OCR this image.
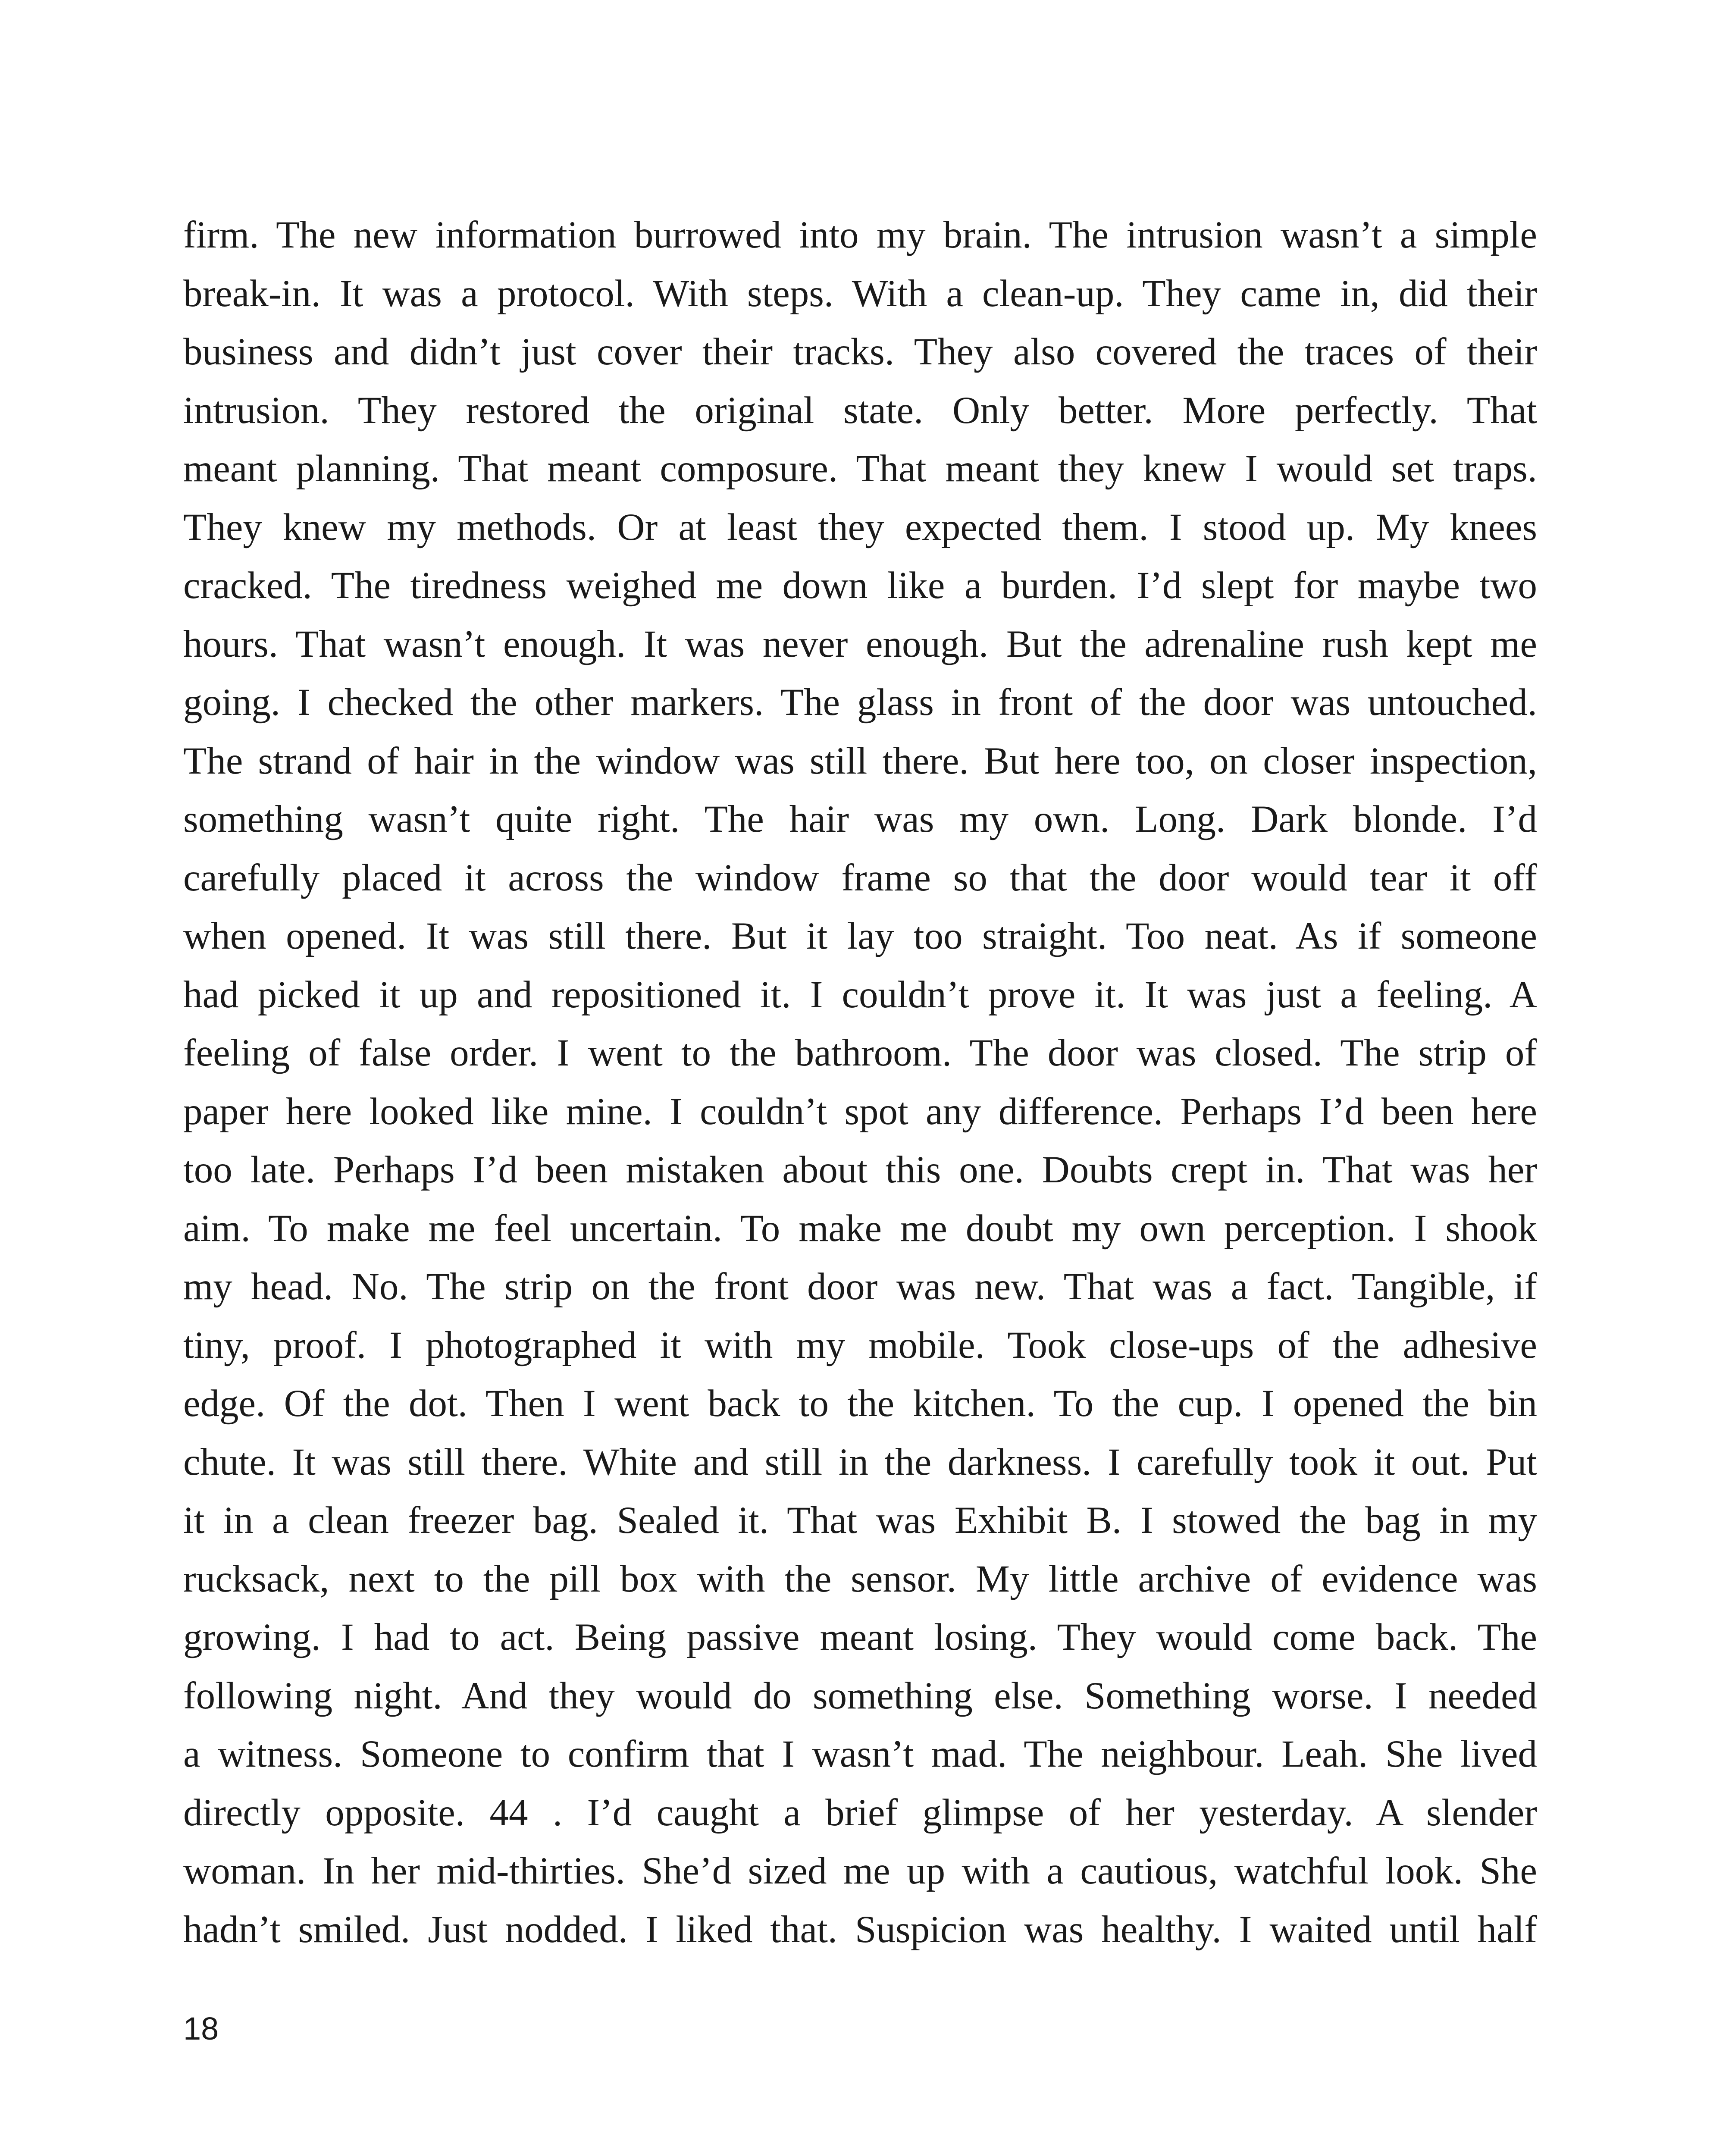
firm. The new information burrowed into my brain. The intrusion wasn’t a simple
break-in. It was a protocol. With steps. With a clean-up. They came in, did their
business and didn’t just cover their tracks. They also covered the traces of their
intrusion. They restored the original state. Only better. More perfectly. That
meant planning. That meant composure. That meant they knew I would set traps.
They knew my methods. Or at least they expected them. I stood up. My knees
cracked. The tiredness weighed me down like a burden. I’d slept for maybe two
hours. That wasn’t enough. It was never enough. But the adrenaline rush kept me
going. I checked the other markers. The glass in front of the door was untouched.
The strand of hair in the window was still there. But here too, on closer inspection,
something wasn’t quite right. The hair was my own. Long. Dark blonde. I’d
carefully placed it across the window frame so that the door would tear it off
when opened. It was still there. But it lay too straight. Too neat. As if someone
had picked it up and repositioned it. I couldn’t prove it. It was just a feeling. A
feeling of false order. I went to the bathroom. The door was closed. The strip of
paper here looked like mine. I couldn’t spot any difference. Perhaps I’d been here
too late. Perhaps I’d been mistaken about this one. Doubts crept in. That was her
aim. To make me feel uncertain. To make me doubt my own perception. I shook
my head. No. The strip on the front door was new. That was a fact. Tangible, if
tiny, proof. I photographed it with my mobile. Took close-ups of the adhesive
edge. Of the dot. Then I went back to the kitchen. To the cup. I opened the bin
chute. It was still there. White and still in the darkness. I carefully took it out. Put
it in a clean freezer bag. Sealed it. That was Exhibit B. I stowed the bag in my
rucksack, next to the pill box with the sensor. My little archive of evidence was
growing. I had to act. Being passive meant losing. They would come back. The
following night. And they would do something else. Something worse. I needed
a witness. Someone to confirm that I wasn’t mad. The neighbour. Leah. She lived
directly opposite. 44 . I’d caught a brief glimpse of her yesterday. A slender
woman. In her mid-thirties. She’d sized me up with a cautious, watchful look. She
hadn’t smiled. Just nodded. I liked that. Suspicion was healthy. I waited until half
18
